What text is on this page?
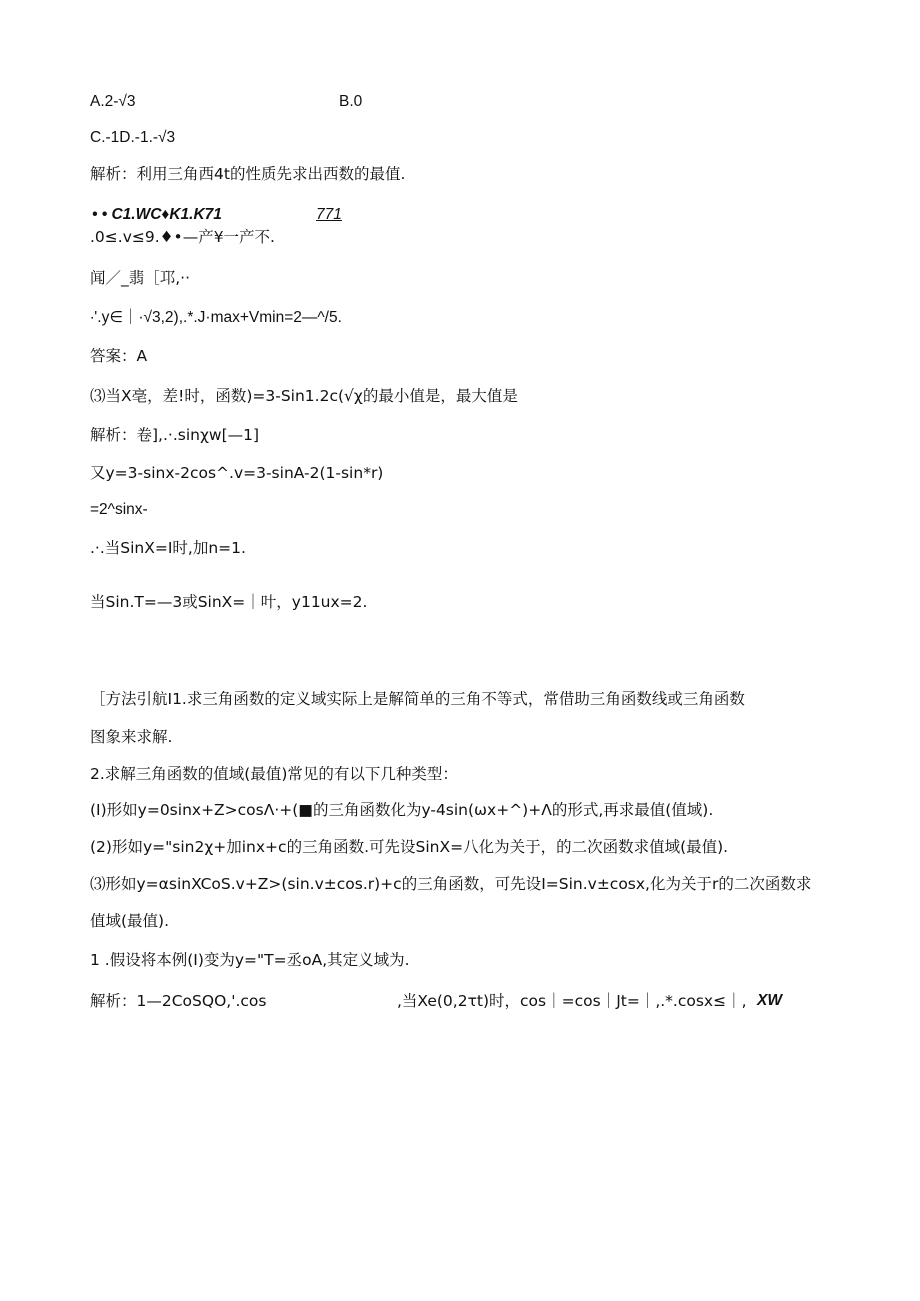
A.2-√3	B.0
C.-1D.-1.-√3
解析：利用三角西4t的性质先求出西数的最值.
• • C1.WC♦K1.K71	771
.0≤.v≤9.♦•—产¥一产不.
闻／_翡［邛,··
∙'.y∈｜·√3,2),.*.J·max+Vmin=2—^/5.
答案：A
⑶当X亳，差!时，函数)=3-Sin1.2c(√χ的最小值是，最大值是
解析：卷],.·.sinχw[—1]
又y=3-sinx-2cos^.v=3-sinA-2(1-sin*r)
=2^sinx-
.·.当SinX=I时,加n=1.
当Sin.T=—3或SinX=｜叶，y11ux=2.
［方法引航I1.求三角函数的定义域实际上是解简单的三角不等式，常借助三角函数线或三角函数
图象来求解.
2.求解三角函数的值域(最值)常见的有以下几种类型：
(I)形如y=0sinx+Z>cosΛ·+(■的三角函数化为y-4sin(ωx+^)+Λ的形式,再求最值(值域).
(2)形如y="sin2χ+加inx+c的三角函数.可先设SinX=八化为关于，的二次函数求值域(最值).
⑶形如y=αsinXCoS.v+Z>(sin.v±cos.r)+c的三角函数，可先设I=Sin.v±cosx,化为关于r的二次函数求
值域(最值).
1 .假设将本例(I)变为y="T=丞oA,其定义域为.
解析：1—2CoSQO,'.cos	,当Xe(0,2τt)时，cos｜=cos｜Jt=｜,.*.cosx≤｜, XW
